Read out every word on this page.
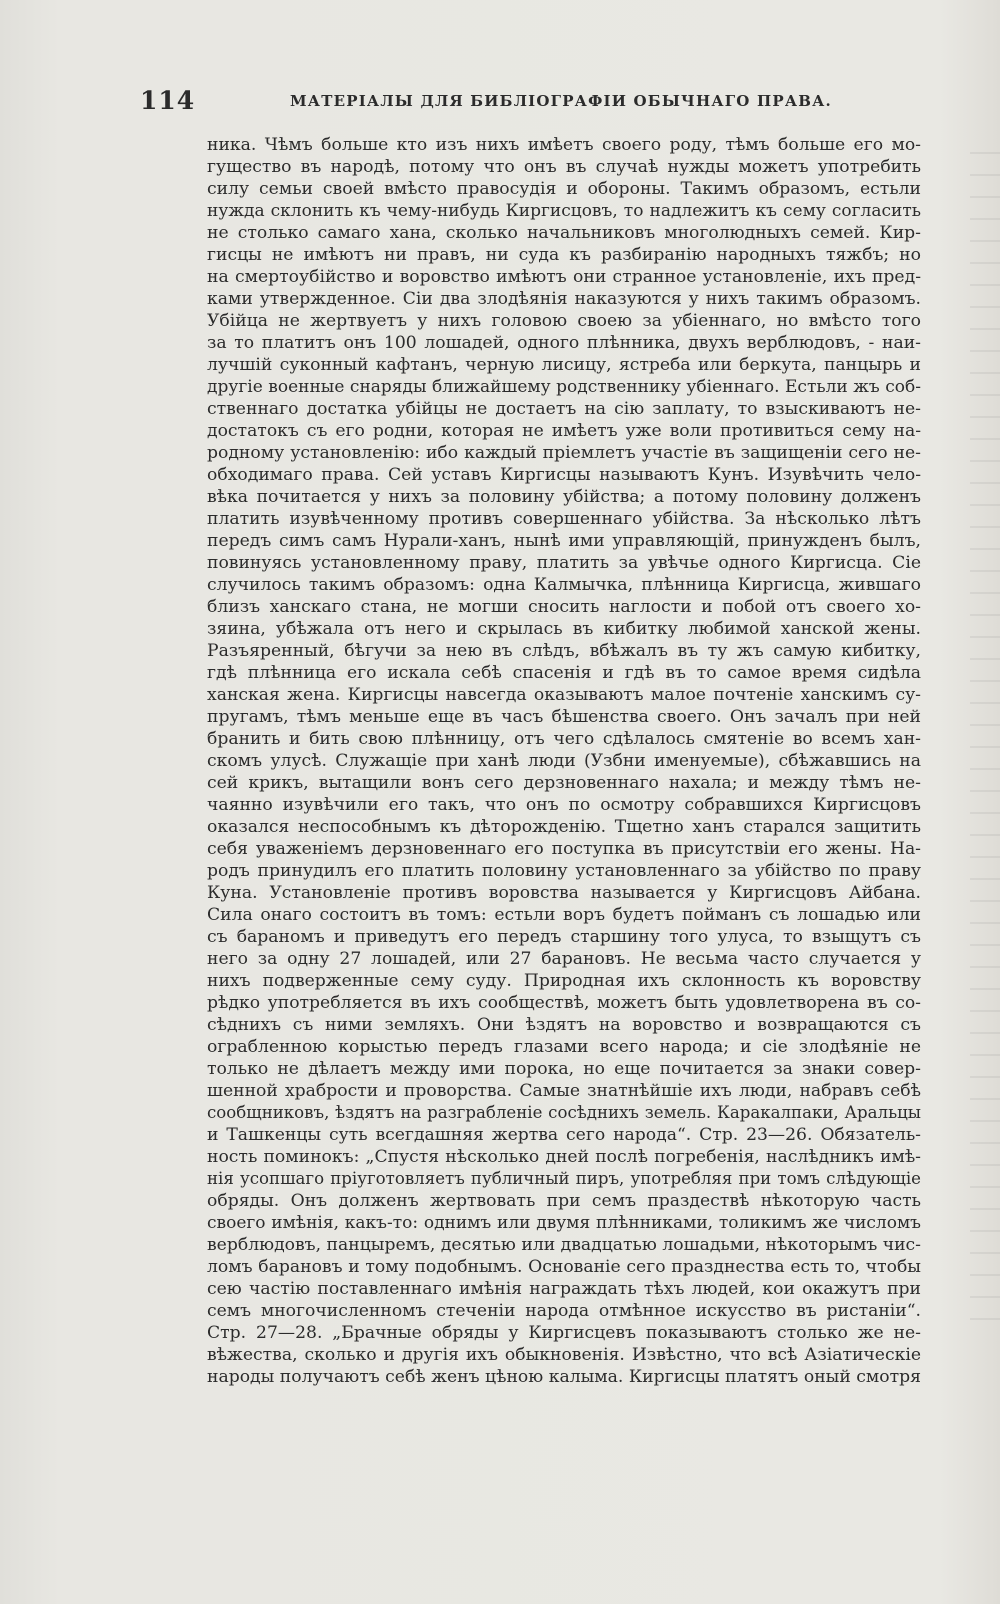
114	МАТЕРІАЛЫ ДЛЯ БИБЛІОГРАФІИ ОБЫЧНАГО ПРАВА.
ника. Чѣмъ больше кто изъ нихъ имѣетъ своего роду, тѣмъ больше его мо-
гущество въ народѣ, потому что онъ въ случаѣ нужды можетъ употребить
силу семьи своей вмѣсто правосудія и обороны. Такимъ образомъ, естьли
нужда склонить къ чему-нибудь Киргисцовъ, то надлежитъ къ сему согласить
не столько самаго хана, сколько начальниковъ многолюдныхъ семей. Кир-
гисцы не имѣютъ ни правъ, ни суда къ разбиранію народныхъ тяжбъ; но
на смертоубійство и воровство имѣютъ они странное установленіе, ихъ пред-
ками утвержденное. Сіи два злодѣянія наказуются у нихъ такимъ образомъ.
Убійца не жертвуетъ у нихъ головою своею за убіеннаго, но вмѣсто того
за то платитъ онъ 100 лошадей, одного плѣнника, двухъ верблюдовъ, - наи-
лучшій суконный кафтанъ, черную лисицу, ястреба или беркута, панцырь и
другіе военные снаряды ближайшему родственнику убіеннаго. Естьли жъ соб-
ственнаго достатка убійцы не достаетъ на сію заплату, то взыскиваютъ не-
достатокъ съ его родни, которая не имѣетъ уже воли противиться сему на-
родному установленію: ибо каждый пріемлетъ участіе въ защищеніи сего не-
обходимаго права. Сей уставъ Киргисцы называютъ Кунъ. Изувѣчить чело-
вѣка почитается у нихъ за половину убійства; а потому половину долженъ
платить изувѣченному противъ совершеннаго убійства. За нѣсколько лѣтъ
передъ симъ самъ Нурали-ханъ, нынѣ ими управляющій, принужденъ былъ,
повинуясь установленному праву, платить за увѣчье одного Киргисца. Сіе
случилось такимъ образомъ: одна Калмычка, плѣнница Киргисца, жившаго
близъ ханскаго стана, не могши сносить наглости и побой отъ своего хо-
зяина, убѣжала отъ него и скрылась въ кибитку любимой ханской жены.
Разъяренный, бѣгучи за нею въ слѣдъ, вбѣжалъ въ ту жъ самую кибитку,
гдѣ плѣнница его искала себѣ спасенія и гдѣ въ то самое время сидѣла
ханская жена. Киргисцы навсегда оказываютъ малое почтеніе ханскимъ су-
пругамъ, тѣмъ меньше еще въ часъ бѣшенства своего. Онъ зачалъ при ней
бранить и бить свою плѣнницу, отъ чего сдѣлалось смятеніе во всемъ хан-
скомъ улусѣ. Служащіе при ханѣ люди (Узбни именуемые), сбѣжавшись на
сей крикъ, вытащили вонъ сего дерзновеннаго нахала; и между тѣмъ не-
чаянно изувѣчили его такъ, что онъ по осмотру собравшихся Киргисцовъ
оказался неспособнымъ къ дѣторожденію. Тщетно ханъ старался защитить
себя уваженіемъ дерзновеннаго его поступка въ присутствіи его жены. На-
родъ принудилъ его платить половину установленнаго за убійство по праву
Куна. Установленіе противъ воровства называется у Киргисцовъ Айбана.
Сила онаго состоитъ въ томъ: естьли воръ будетъ пойманъ съ лошадью или
съ бараномъ и приведутъ его передъ старшину того улуса, то взыщутъ съ
него за одну 27 лошадей, или 27 барановъ. Не весьма часто случается у
нихъ подверженные сему суду. Природная ихъ склонность къ воровству
рѣдко употребляется въ ихъ сообществѣ, можетъ быть удовлетворена въ со-
сѣднихъ съ ними земляхъ. Они ѣздятъ на воровство и возвращаются съ
ограбленною корыстью передъ глазами всего народа; и сіе злодѣяніе не
только не дѣлаетъ между ими порока, но еще почитается за знаки совер-
шенной храбрости и проворства. Самые знатнѣйшіе ихъ люди, набравъ себѣ
сообщниковъ, ѣздятъ на разграбленіе сосѣднихъ земель. Каракалпаки, Аральцы
и Ташкенцы суть всегдашняя жертва сего народа“. Стр. 23—26. Обязатель-
ность поминокъ: „Спустя нѣсколько дней послѣ погребенія, наслѣдникъ имѣ-
нія усопшаго пріуготовляетъ публичный пиръ, употребляя при томъ слѣдующіе
обряды. Онъ долженъ жертвовать при семъ праздествѣ нѣкоторую часть
своего имѣнія, какъ-то: однимъ или двумя плѣнниками, толикимъ же числомъ
верблюдовъ, панцыремъ, десятью или двадцатью лошадьми, нѣкоторымъ чис-
ломъ барановъ и тому подобнымъ. Основаніе сего празднества есть то, чтобы
сею частію поставленнаго имѣнія награждать тѣхъ людей, кои окажутъ при
семъ многочисленномъ стеченіи народа отмѣнное искусство въ ристаніи“.
Стр. 27—28. „Брачные обряды у Киргисцевъ показываютъ столько же не-
вѣжества, сколько и другія ихъ обыкновенія. Извѣстно, что всѣ Азіатическіе
народы получаютъ себѣ женъ цѣною калыма. Киргисцы платятъ оный смотря
